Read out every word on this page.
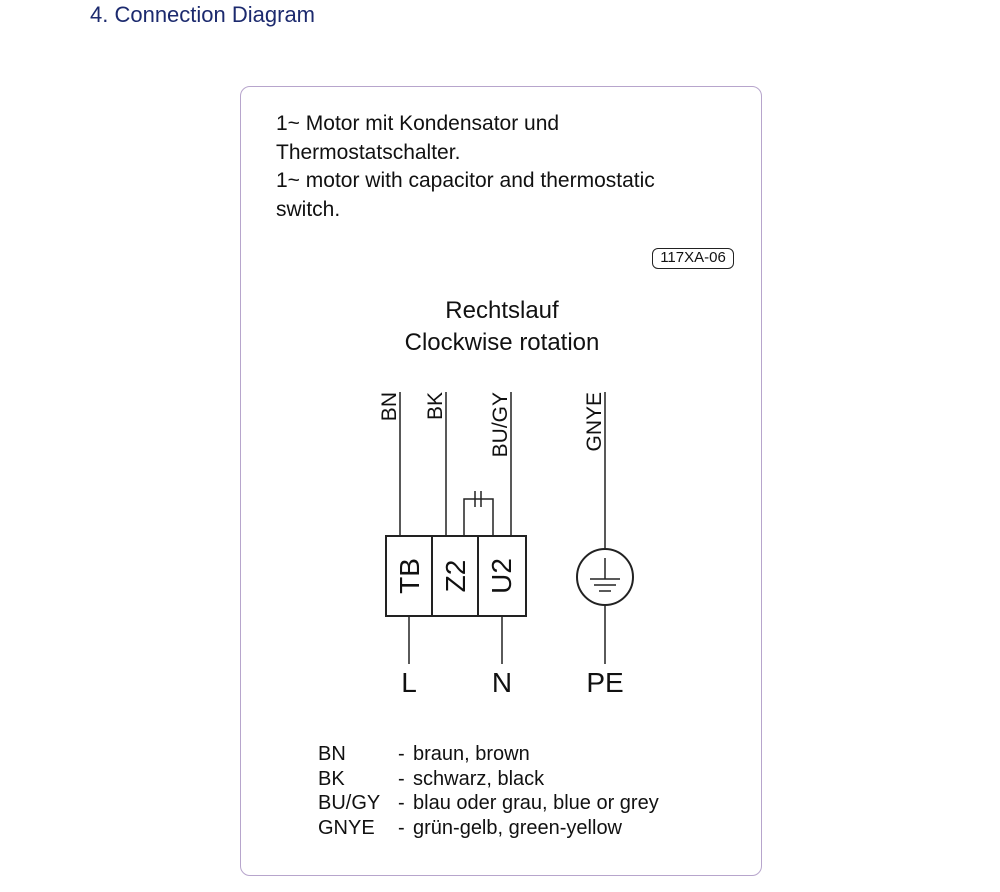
4. Connection Diagram
1~ Motor mit Kondensator und
Thermostatschalter.
1~ motor with capacitor and thermostatic
switch.
117XA-06
Rechtslauf
Clockwise rotation
BN BK BU/GY	GNYE
TB Z2 U2
L	N	PE
BN	- braun, brown
BK	- schwarz, black
BU/GY - blau oder grau, blue or grey
GNYE	- grün-gelb, green-yellow
